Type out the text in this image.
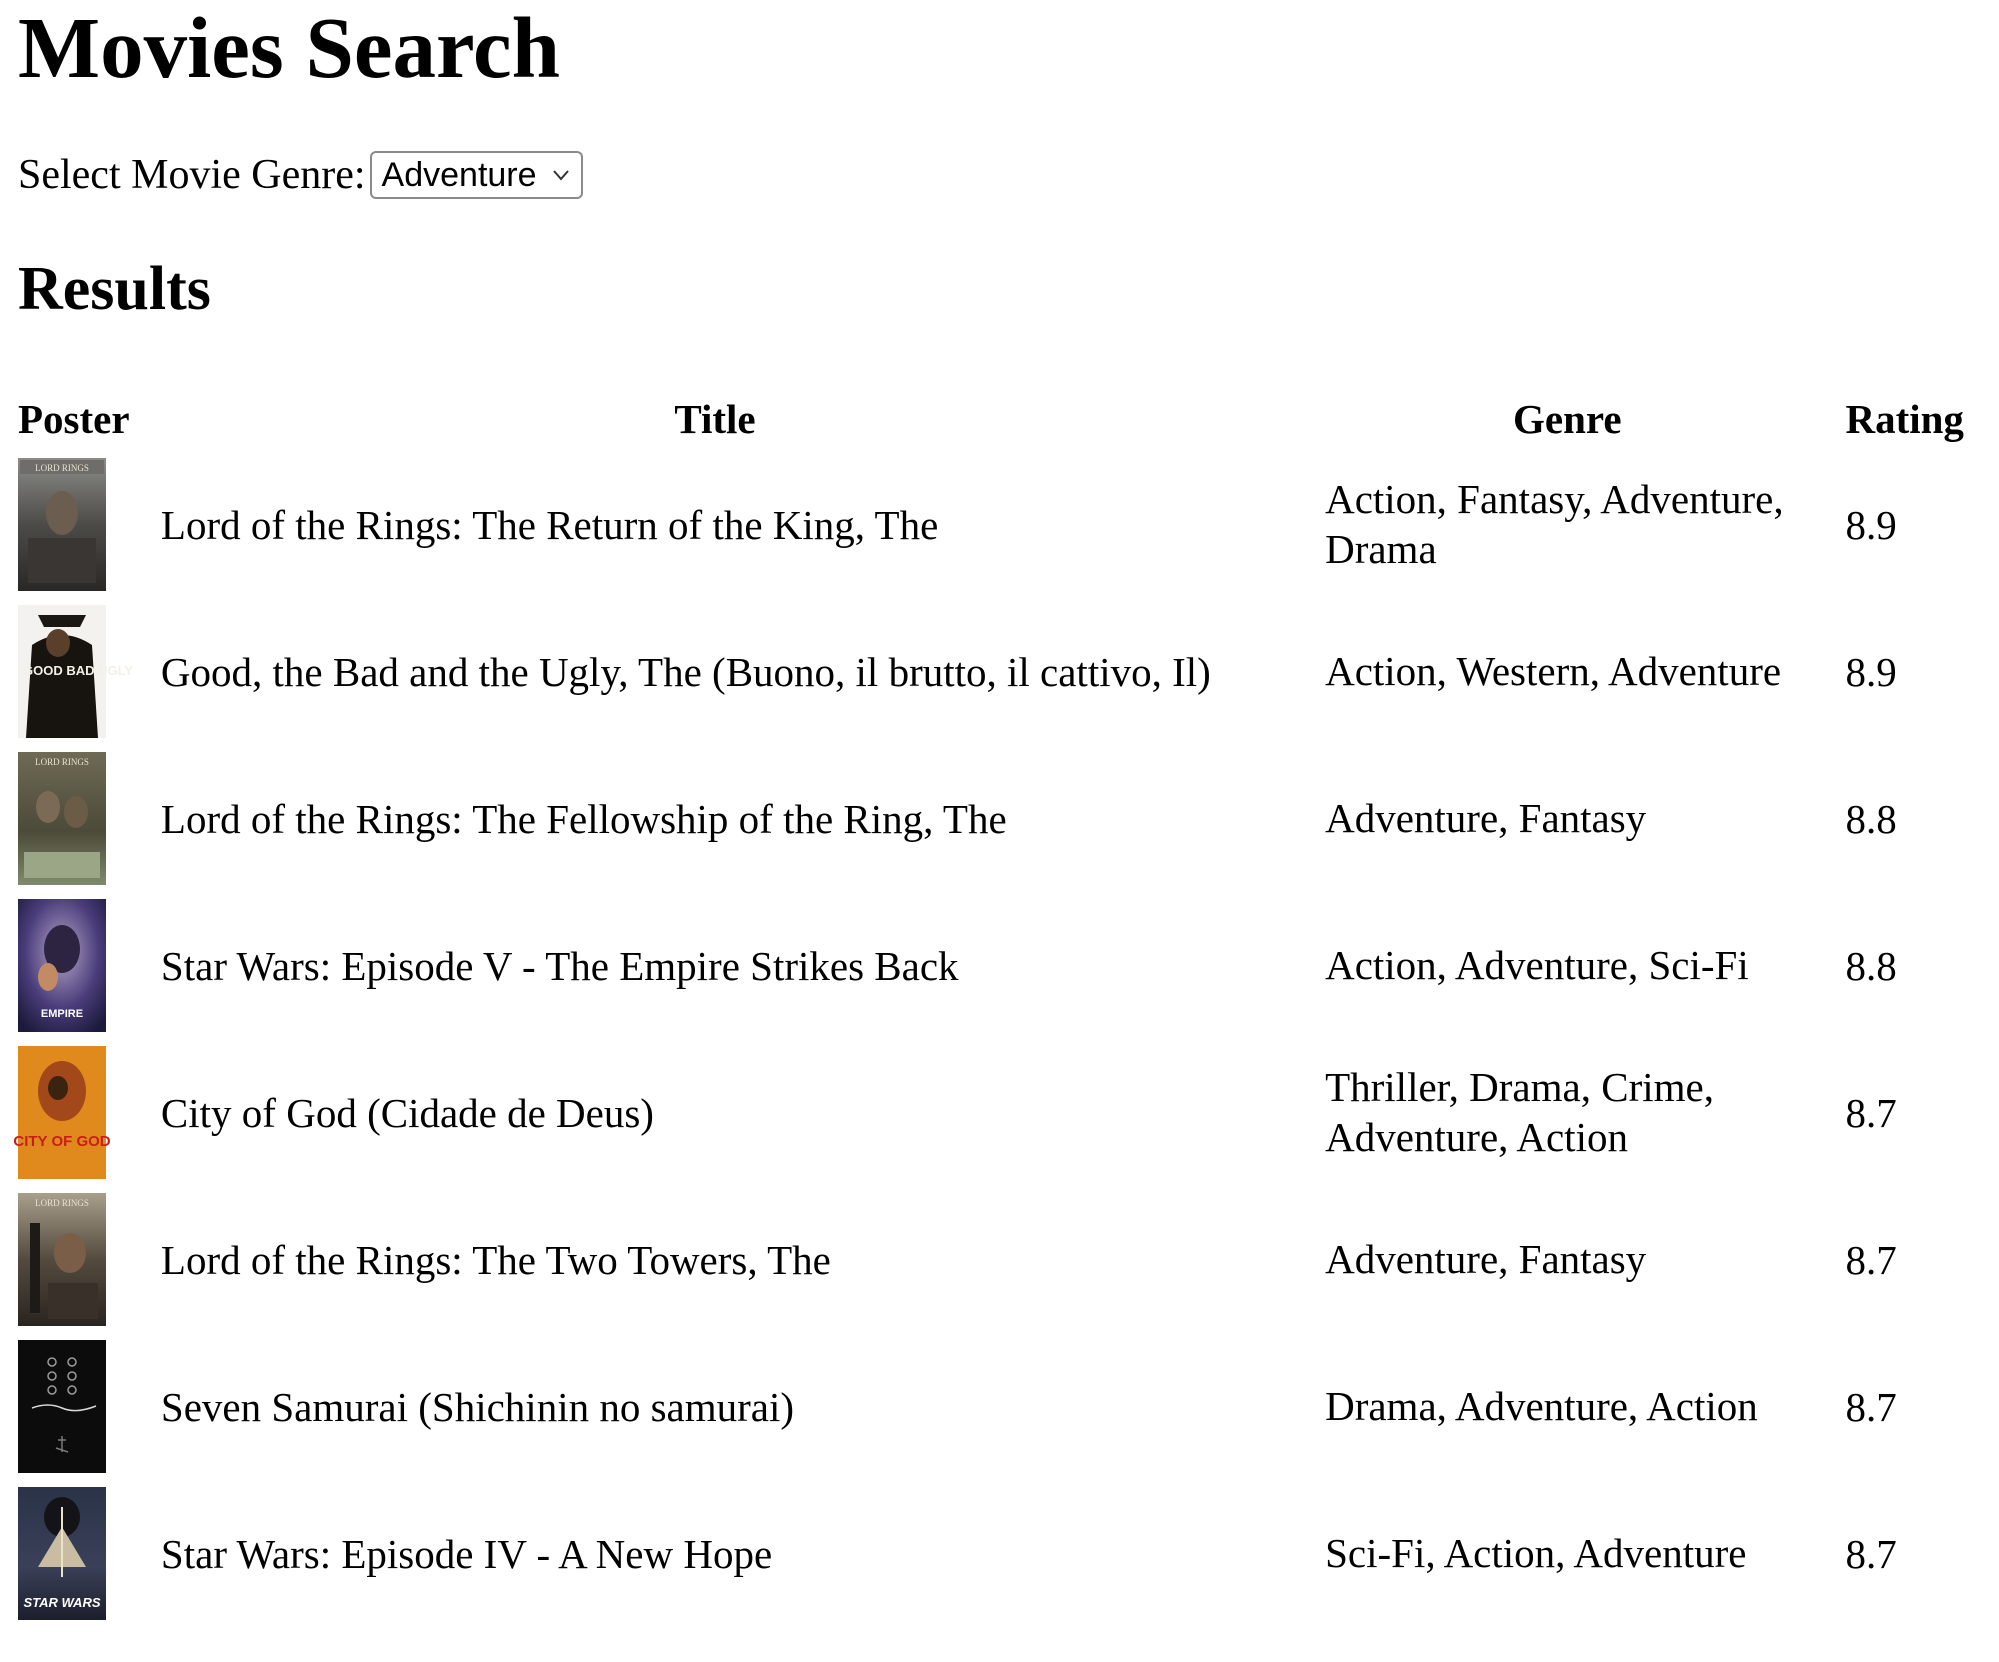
Movies Search
Select Movie Genre: Adventure
Results
Poster	Title	Genre	Rating

LORD RINGS	Lord of the Rings: The Return of the King, The	Action, Fantasy, Adventure, Drama	8.9

GOOD BAD UGLY	Good, the Bad and the Ugly, The (Buono, il brutto, il cattivo, Il)	Action, Western, Adventure	8.9

LORD RINGS	Lord of the Rings: The Fellowship of the Ring, The	Adventure, Fantasy	8.8

EMPIRE	Star Wars: Episode V - The Empire Strikes Back	Action, Adventure, Sci-Fi	8.8

CITY OF GOD	City of God (Cidade de Deus)	Thriller, Drama, Crime, Adventure, Action	8.7

LORD RINGS	Lord of the Rings: The Two Towers, The	Adventure, Fantasy	8.7

	Seven Samurai (Shichinin no samurai)	Drama, Adventure, Action	8.7

STAR WARS	Star Wars: Episode IV - A New Hope	Sci-Fi, Action, Adventure	8.7
